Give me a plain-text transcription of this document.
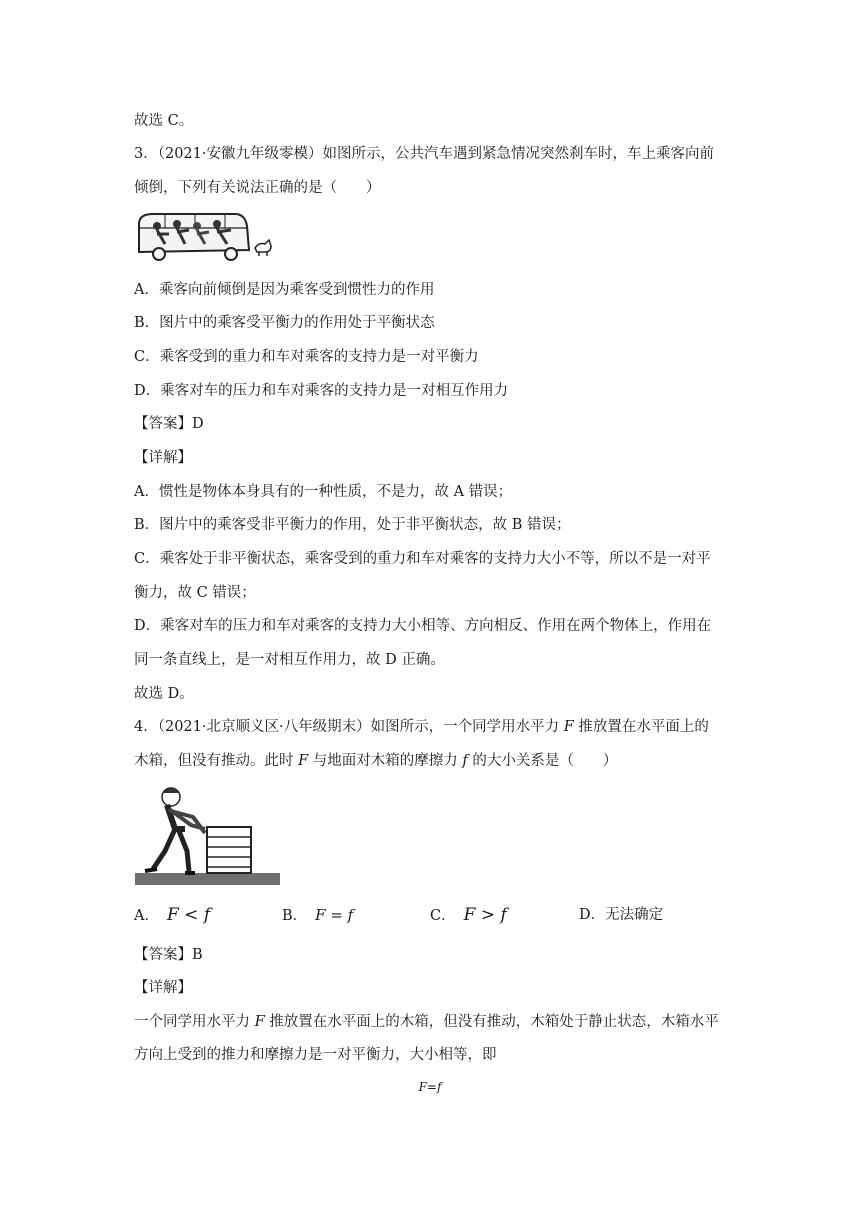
故选 C。
3．（2021·安徽九年级零模）如图所示，公共汽车遇到紧急情况突然刹车时，车上乘客向前
倾倒，下列有关说法正确的是（　　）
A．乘客向前倾倒是因为乘客受到惯性力的作用
B．图片中的乘客受平衡力的作用处于平衡状态
C．乘客受到的重力和车对乘客的支持力是一对平衡力
D．乘客对车的压力和车对乘客的支持力是一对相互作用力
【答案】D
【详解】
A．惯性是物体本身具有的一种性质，不是力，故 A 错误；
B．图片中的乘客受非平衡力的作用，处于非平衡状态，故 B 错误；
C．乘客处于非平衡状态，乘客受到的重力和车对乘客的支持力大小不等，所以不是一对平
衡力，故 C 错误；
D．乘客对车的压力和车对乘客的支持力大小相等、方向相反、作用在两个物体上，作用在
同一条直线上，是一对相互作用力，故 D 正确。
故选 D。
4．（2021·北京顺义区·八年级期末）如图所示，一个同学用水平力 F 推放置在水平面上的
木箱，但没有推动。此时 F 与地面对木箱的摩擦力 f 的大小关系是（　　）
A． F < f	B． F = f	C． F > f	D．无法确定
【答案】B
【详解】
一个同学用水平力 F 推放置在水平面上的木箱，但没有推动，木箱处于静止状态，木箱水平
方向上受到的推力和摩擦力是一对平衡力，大小相等，即
F=f
